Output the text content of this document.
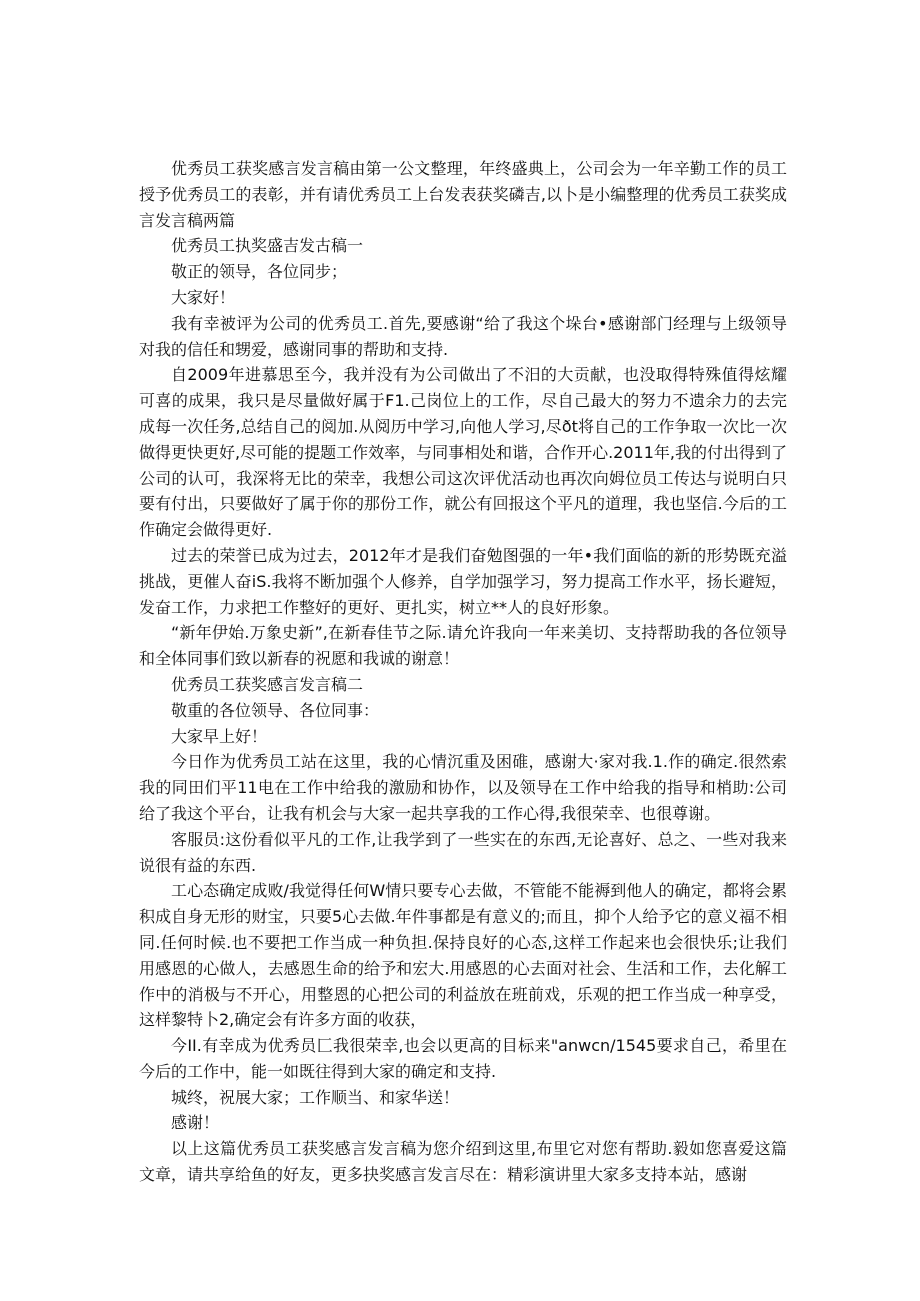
优秀员工获奖感言发言稿由第一公文整理，年终盛典上，公司会为一年辛勤工作的员工授予优秀员工的表彰，并有请优秀员工上台发表获奖磷吉,以卜是小编整理的优秀员工获奖成言发言稿两篇

优秀员工执奖盛吉发古稿一

敬正的领导，各位同步；

大家好！

我有幸被评为公司的优秀员工.首先,要感谢“给了我这个垛台•感谢部门经理与上级领导对我的信任和甥爱，感谢同事的帮助和支持.

自2009年进慕思至今，我并没有为公司做出了不汨的大贡献，也没取得特殊值得炫耀可喜的成果，我只是尽量做好属于F1.己岗位上的工作，尽自己最大的努力不遗余力的去完成每一次任务,总结自己的阅加.从阅历中学习,向他人学习,尽ðt将自己的工作争取一次比一次做得更快更好,尽可能的提题工作效率，与同事相处和谐，合作开心.2011年,我的付出得到了公司的认可，我深将无比的荣幸，我想公司这次评优活动也再次向姆位员工传达与说明白只要有付出，只要做好了属于你的那份工作，就公有回报这个平凡的道理，我也坚信.今后的工作确定会做得更好.

过去的荣誉已成为过去，2012年才是我们奋勉图强的一年•我们面临的新的形势既充溢挑战，更催人奋iS.我将不断加强个人修养，自学加强学习，努力提高工作水平，扬长避短，发奋工作，力求把工作整好的更好、更扎实，树立**人的良好形象。

“新年伊始.万象史新”,在新春佳节之际.请允许我向一年来美切、支持帮助我的各位领导和全体同事们致以新春的祝愿和我诚的谢意！

优秀员工获奖感言发言稿二

敬重的各位领导、各位同事：

大家早上好！

今日作为优秀员工站在这里，我的心情沉重及困碓，感谢大·家对我.1.作的确定.很然索我的同田们平11电在工作中给我的激励和协作，以及领导在工作中给我的指导和梢助:公司给了我这个平台，让我有机会与大家一起共享我的工作心得,我很荣幸、也很尊谢。

客服员:这份看似平凡的工作,让我学到了一些实在的东西,无论喜好、总之、一些对我来说很有益的东西.

工心态确定成败/我觉得任何W情只要专心去做，不管能不能褥到他人的确定，都将会累积成自身无形的财宝，只要5心去做.年件事都是有意义的;而且，抑个人给予它的意义福不相同.任何时候.也不要把工作当成一种负担.保持良好的心态,这样工作起来也会很快乐;让我们用感恩的心做人，去感恩生命的给予和宏大.用感恩的心去面对社会、生活和工作，去化解工作中的消极与不开心，用整恩的心把公司的利益放在班前戏，乐观的把工作当成一种享受，这样黎特卜2,确定会有许多方面的收获，

今II.有幸成为优秀员匚我很荣幸,也会以更高的目标来"anwcn/1545要求自己，希里在今后的工作中，能一如既往得到大家的确定和支持.

城终，祝展大家；工作顺当、和家华送！

感谢！

以上这篇优秀员工获奖感言发言稿为您介绍到这里,布里它对您有帮助.毅如您喜爱这篇文章，请共享给鱼的好友，更多抉奖感言发言尽在：精彩演讲里大家多支持本站，感谢
